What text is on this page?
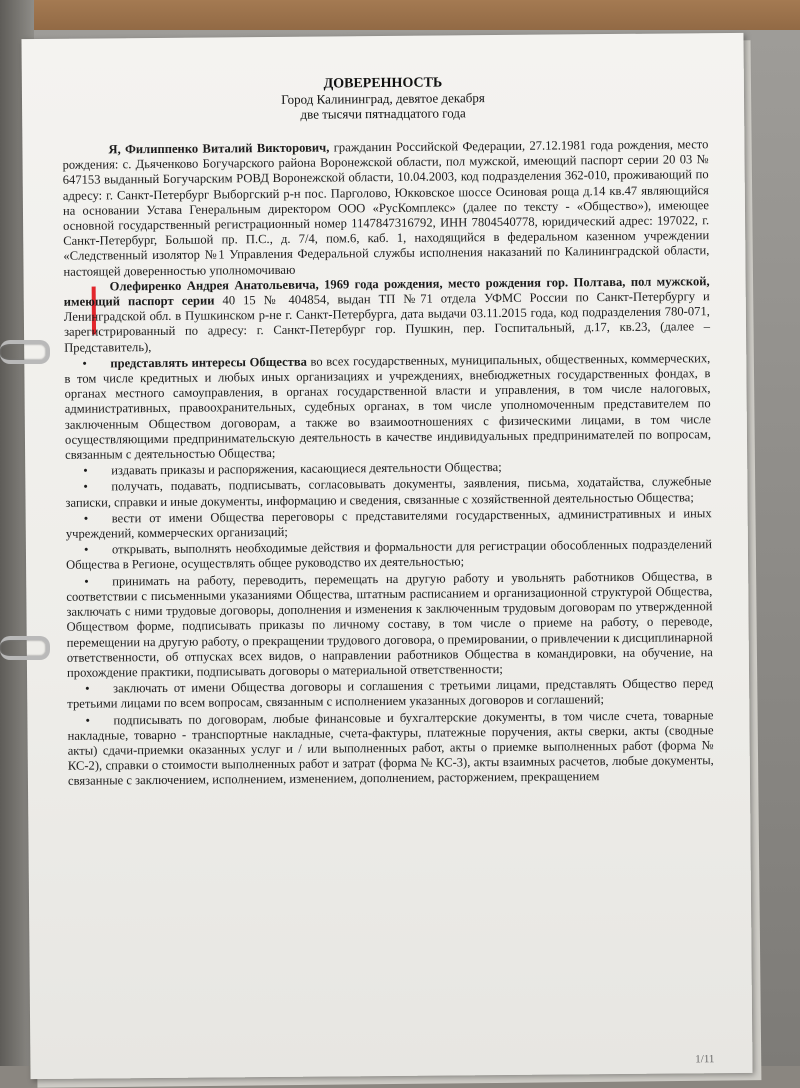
ДОВЕРЕННОСТЬ
Город Калининград, девятое декабря
две тысячи пятнадцатого года

Я, Филиппенко Виталий Викторович, гражданин Российской Федерации, 27.12.1981 года рождения, место рождения: с. Дьяченково Богучарского района Воронежской области, пол мужской, имеющий паспорт серии 20 03 № 647153 выданный Богучарским РОВД Воронежской области, 10.04.2003, код подразделения 362-010, проживающий по адресу: г. Санкт-Петербург Выборгский р-н пос. Парголово, Юкковское шоссе Осиновая роща д.14 кв.47 являющийся на основании Устава Генеральным директором ООО «РусКомплекс» (далее по тексту - «Общество»), имеющее основной государственный регистрационный номер 1147847316792, ИНН 7804540778, юридический адрес: 197022, г. Санкт-Петербург, Большой пр. П.С., д. 7/4, пом.6, каб. 1, находящийся в федеральном казенном учреждении «Следственный изолятор №1 Управления Федеральной службы исполнения наказаний по Калининградской области, настоящей доверенностью уполномочиваю

Олефиренко Андрея Анатольевича, 1969 года рождения, место рождения гор. Полтава, пол мужской, имеющий паспорт серии 40 15 № 404854, выдан ТП №71 отдела УФМС России по Санкт-Петербургу и Ленинградской обл. в Пушкинском р-не г. Санкт-Петербурга, дата выдачи 03.11.2015 года, код подразделения 780-071, зарегистрированный по адресу: г. Санкт-Петербург гор. Пушкин, пер. Госпитальный, д.17, кв.23, (далее – Представитель),

• представлять интересы Общества во всех государственных, муниципальных, общественных, коммерческих, в том числе кредитных и любых иных организациях и учреждениях, внебюджетных государственных фондах, в органах местного самоуправления, в органах государственной власти и управления, в том числе налоговых, административных, правоохранительных, судебных органах, в том числе уполномоченным представителем по заключенным Обществом договорам, а также во взаимоотношениях с физическими лицами, в том числе осуществляющими предпринимательскую деятельность в качестве индивидуальных предпринимателей по вопросам, связанным с деятельностью Общества;

• издавать приказы и распоряжения, касающиеся деятельности Общества;

• получать, подавать, подписывать, согласовывать документы, заявления, письма, ходатайства, служебные записки, справки и иные документы, информацию и сведения, связанные с хозяйственной деятельностью Общества;

• вести от имени Общества переговоры с представителями государственных, административных и иных учреждений, коммерческих организаций;

• открывать, выполнять необходимые действия и формальности для регистрации обособленных подразделений Общества в Регионе, осуществлять общее руководство их деятельностью;

• принимать на работу, переводить, перемещать на другую работу и увольнять работников Общества, в соответствии с письменными указаниями Общества, штатным расписанием и организационной структурой Общества, заключать с ними трудовые договоры, дополнения и изменения к заключенным трудовым договорам по утвержденной Обществом форме, подписывать приказы по личному составу, в том числе о приеме на работу, о переводе, перемещении на другую работу, о прекращении трудового договора, о премировании, о привлечении к дисциплинарной ответственности, об отпусках всех видов, о направлении работников Общества в командировки, на обучение, на прохождение практики, подписывать договоры о материальной ответственности;

• заключать от имени Общества договоры и соглашения с третьими лицами, представлять Общество перед третьими лицами по всем вопросам, связанным с исполнением указанных договоров и соглашений;

• подписывать по договорам, любые финансовые и бухгалтерские документы, в том числе счета, товарные накладные, товарно - транспортные накладные, счета-фактуры, платежные поручения, акты сверки, акты (сводные акты) сдачи-приемки оказанных услуг и / или выполненных работ, акты о приемке выполненных работ (форма № КС-2), справки о стоимости выполненных работ и затрат (форма № КС-3), акты взаимных расчетов, любые документы, связанные с заключением, исполнением, изменением, дополнением, расторжением, прекращением

1/11
